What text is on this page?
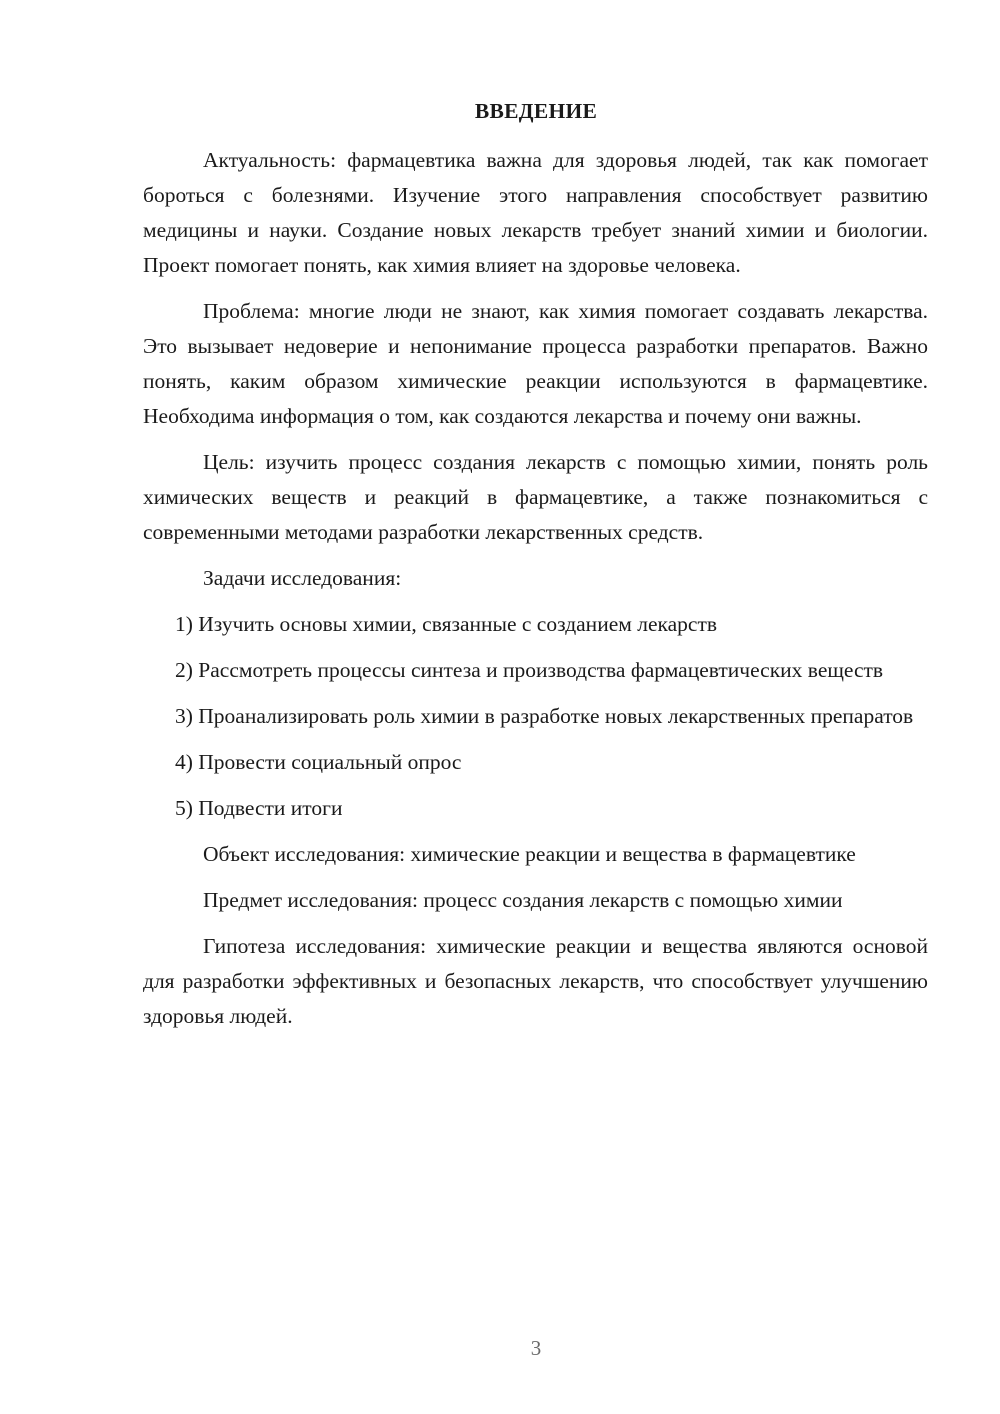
ВВЕДЕНИЕ

Актуальность: фармацевтика важна для здоровья людей, так как помогает бороться с болезнями. Изучение этого направления способствует развитию медицины и науки. Создание новых лекарств требует знаний химии и биологии. Проект помогает понять, как химия влияет на здоровье человека.

Проблема: многие люди не знают, как химия помогает создавать лекарства. Это вызывает недоверие и непонимание процесса разработки препаратов. Важно понять, каким образом химические реакции используются в фармацевтике. Необходима информация о том, как создаются лекарства и почему они важны.

Цель: изучить процесс создания лекарств с помощью химии, понять роль химических веществ и реакций в фармацевтике, а также познакомиться с современными методами разработки лекарственных средств.

Задачи исследования:

1) Изучить основы химии, связанные с созданием лекарств

2) Рассмотреть процессы синтеза и производства фармацевтических веществ

3) Проанализировать роль химии в разработке новых лекарственных препаратов

4) Провести социальный опрос

5) Подвести итоги

Объект исследования: химические реакции и вещества в фармацевтике

Предмет исследования: процесс создания лекарств с помощью химии

Гипотеза исследования: химические реакции и вещества являются основой для разработки эффективных и безопасных лекарств, что способствует улучшению здоровья людей.

3
